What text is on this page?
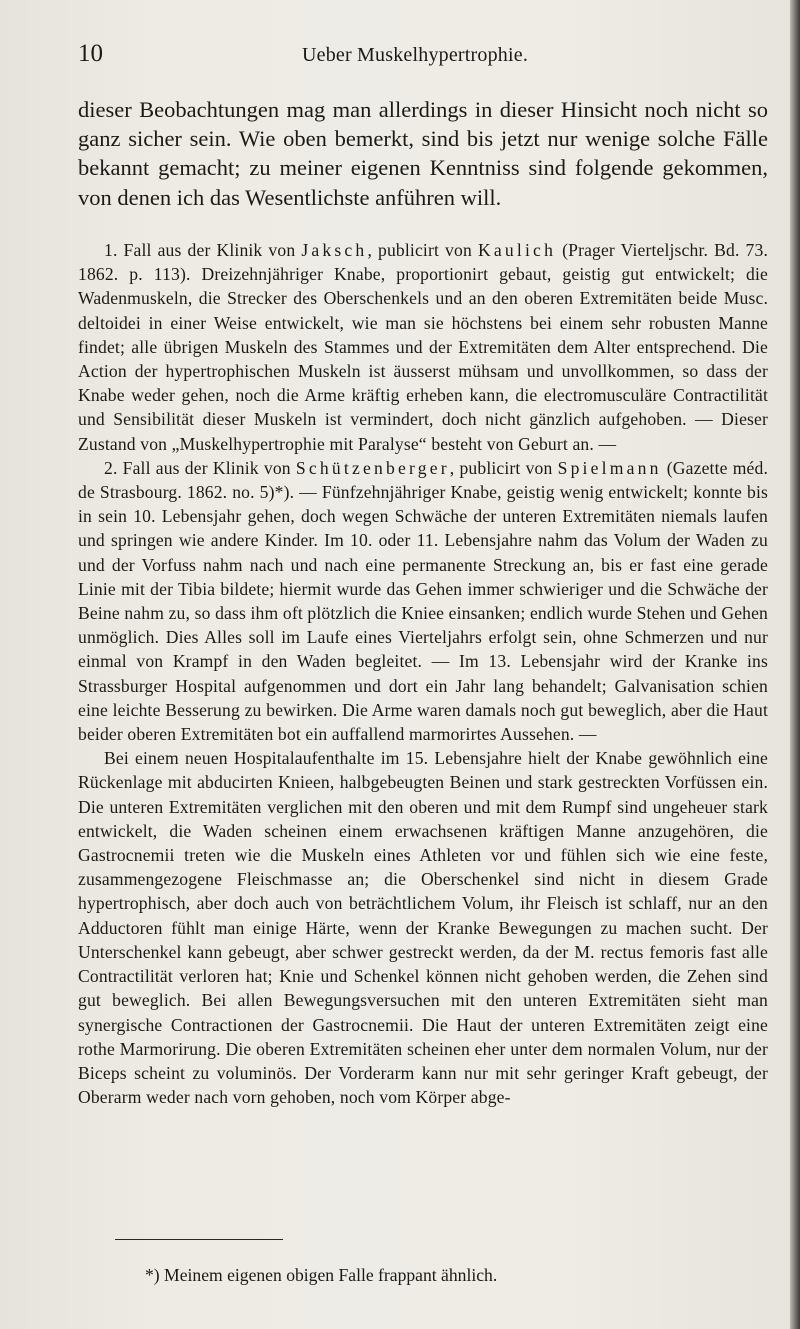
10	Ueber Muskelhypertrophie.

dieser Beobachtungen mag man allerdings in dieser Hinsicht noch nicht so ganz sicher sein. Wie oben bemerkt, sind bis jetzt nur wenige solche Fälle bekannt gemacht; zu meiner eigenen Kenntniss sind folgende gekommen, von denen ich das Wesentlichste anführen will.

1. Fall aus der Klinik von Jaksch, publicirt von Kaulich (Prager Vierteljschr. Bd. 73. 1862. p. 113). Dreizehnjähriger Knabe, proportionirt gebaut, geistig gut entwickelt; die Wadenmuskeln, die Strecker des Oberschenkels und an den oberen Extremitäten beide Musc. deltoidei in einer Weise entwickelt, wie man sie höchstens bei einem sehr robusten Manne findet; alle übrigen Muskeln des Stammes und der Extremitäten dem Alter entsprechend. Die Action der hypertrophischen Muskeln ist äusserst mühsam und unvollkommen, so dass der Knabe weder gehen, noch die Arme kräftig erheben kann, die electromusculäre Contractilität und Sensibilität dieser Muskeln ist vermindert, doch nicht gänzlich aufgehoben. — Dieser Zustand von „Muskelhypertrophie mit Paralyse“ besteht von Geburt an. —

2. Fall aus der Klinik von Schützenberger, publicirt von Spielmann (Gazette méd. de Strasbourg. 1862. no. 5)*). — Fünfzehnjähriger Knabe, geistig wenig entwickelt; konnte bis in sein 10. Lebensjahr gehen, doch wegen Schwäche der unteren Extremitäten niemals laufen und springen wie andere Kinder. Im 10. oder 11. Lebensjahre nahm das Volum der Waden zu und der Vorfuss nahm nach und nach eine permanente Streckung an, bis er fast eine gerade Linie mit der Tibia bildete; hiermit wurde das Gehen immer schwieriger und die Schwäche der Beine nahm zu, so dass ihm oft plötzlich die Kniee einsanken; endlich wurde Stehen und Gehen unmöglich. Dies Alles soll im Laufe eines Vierteljahrs erfolgt sein, ohne Schmerzen und nur einmal von Krampf in den Waden begleitet. — Im 13. Lebensjahr wird der Kranke ins Strassburger Hospital aufgenommen und dort ein Jahr lang behandelt; Galvanisation schien eine leichte Besserung zu bewirken. Die Arme waren damals noch gut beweglich, aber die Haut beider oberen Extremitäten bot ein auffallend marmorirtes Aussehen. —

Bei einem neuen Hospitalaufenthalte im 15. Lebensjahre hielt der Knabe gewöhnlich eine Rückenlage mit abducirten Knieen, halbgebeugten Beinen und stark gestreckten Vorfüssen ein. Die unteren Extremitäten verglichen mit den oberen und mit dem Rumpf sind ungeheuer stark entwickelt, die Waden scheinen einem erwachsenen kräftigen Manne anzugehören, die Gastrocnemii treten wie die Muskeln eines Athleten vor und fühlen sich wie eine feste, zusammengezogene Fleischmasse an; die Oberschenkel sind nicht in diesem Grade hypertrophisch, aber doch auch von beträchtlichem Volum, ihr Fleisch ist schlaff, nur an den Adductoren fühlt man einige Härte, wenn der Kranke Bewegungen zu machen sucht. Der Unterschenkel kann gebeugt, aber schwer gestreckt werden, da der M. rectus femoris fast alle Contractilität verloren hat; Knie und Schenkel können nicht gehoben werden, die Zehen sind gut beweglich. Bei allen Bewegungsversuchen mit den unteren Extremitäten sieht man synergische Contractionen der Gastrocnemii. Die Haut der unteren Extremitäten zeigt eine rothe Marmorirung. Die oberen Extremitäten scheinen eher unter dem normalen Volum, nur der Biceps scheint zu voluminös. Der Vorderarm kann nur mit sehr geringer Kraft gebeugt, der Oberarm weder nach vorn gehoben, noch vom Körper abge-

*) Meinem eigenen obigen Falle frappant ähnlich.
